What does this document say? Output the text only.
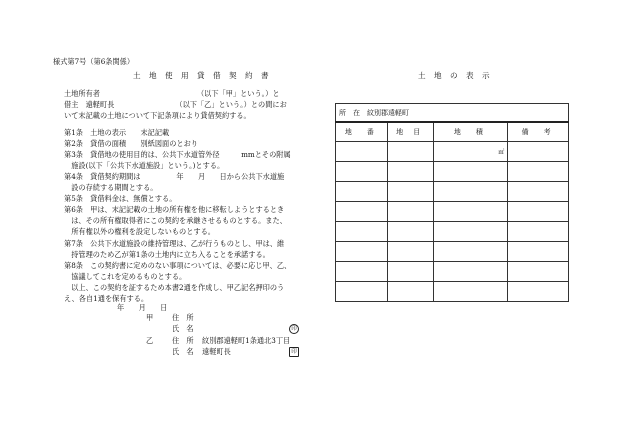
様式第7号（第6条関係）
土 地 使 用 貸 借 契 約 書	土 地 の 表 示
土地所有者　　　　　　　　　　　　　　（以下「甲」という。）と
借主　遠軽町長　　　　　　　　　（以下「乙」という。）との間にお
いて末記載の土地について下記条項により貸借契約する。
第1条　土地の表示　　末記記載
第2条　貸借の面積　　別紙図面のとおり
第3条　貸借地の使用目的は、公共下水道管外径　　　mmとその附属
　施設(以下「公共下水道施設」という。)とする。
第4条　貸借契約期間は　　　　　年　　月　　日から公共下水道施
　設の存続する期間とする。
第5条　貸借料金は、無償とする。
第6条　甲は、末記記載の土地の所有権を他に移転しようとするとき
　は、その所有権取得者にこの契約を承継させるものとする。また、
　所有権以外の権利を設定しないものとする。
第7条　公共下水道施設の維持管理は、乙が行うものとし、甲は、維
　持管理のため乙が第1条の土地内に立ち入ることを承諾する。
第8条　この契約書に定めのない事項については、必要に応じ甲、乙、
　協議してこれを定めるものとする。
　以上、この契約を証するため本書2通を作成し、甲乙記名押印のう
え、各自1通を保有する。
年　　月　　日
甲	住　所
氏　名	印
乙	住　所 紋別郡遠軽町1条通北3丁目
氏　名 遠軽町長	印
所　在　 紋別郡遠軽町			
地　番	地 目	地　積	備　考

		㎡	
